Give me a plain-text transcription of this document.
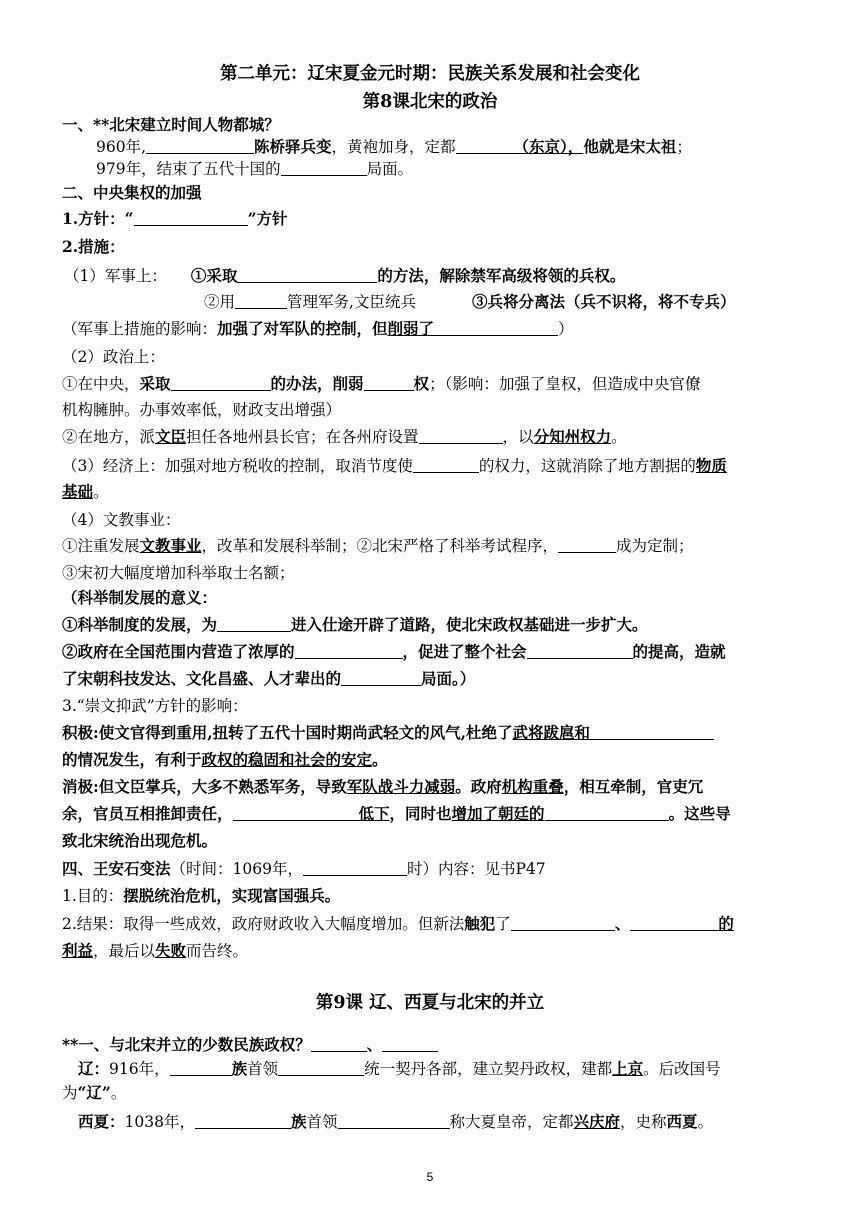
第二单元：辽宋夏金元时期：民族关系发展和社会变化
第8课北宋的政治
一、**北宋建立时间人物都城？
960年,	陈桥驿兵变，黄袍加身，定都	（东京），他就是宋太祖；
979年，结束了五代十国的	局面。
二、中央集权的加强
1.方针：“	”方针
2.措施：
（1）军事上： ①采取	的方法，解除禁军高级将领的兵权。
②用	管理军务,文臣统兵	③兵将分离法（兵不识将，将不专兵）
（军事上措施的影响：加强了对军队的控制，但削弱了	）
（2）政治上：
①在中央，采取	的办法，削弱	权；（影响：加强了皇权，但造成中央官僚
机构臃肿。办事效率低，财政支出增强）
②在地方，派文臣担任各地州县长官；在各州府设置	，以分知州权力。
（3）经济上：加强对地方税收的控制，取消节度使	的权力，这就消除了地方割据的物质
基础。
（4）文教事业：
①注重发展文教事业，改革和发展科举制；②北宋严格了科举考试程序，	成为定制；
③宋初大幅度增加科举取士名额；
（科举制发展的意义：
①科举制度的发展，为	进入仕途开辟了道路，使北宋政权基础进一步扩大。
②政府在全国范围内营造了浓厚的	，促进了整个社会	的提高，造就
了宋朝科技发达、文化昌盛、人才辈出的	局面。）
3.“崇文抑武”方针的影响：
积极:使文官得到重用,扭转了五代十国时期尚武轻文的风气,杜绝了武将跋扈和
的情况发生，有利于政权的稳固和社会的安定。
消极:但文臣掌兵，大多不熟悉军务，导致军队战斗力减弱。政府机构重叠，相互牵制，官吏冗
余，官员互相推卸责任，	低下，同时也增加了朝廷的	。这些导
致北宋统治出现危机。
四、王安石变法（时间：1069年，	时）内容：见书P47
1.目的：摆脱统治危机，实现富国强兵。
2.结果：取得一些成效，政府财政收入大幅度增加。但新法触犯了	、	的
利益，最后以失败而告终。
第9课 辽、西夏与北宋的并立
**一、与北宋并立的少数民族政权？	、
辽：916年，	族首领	统一契丹各部，建立契丹政权，建都上京。后改国号
为“辽”。
西夏：1038年，	族首领	称大夏皇帝，定都兴庆府，史称西夏。
5
